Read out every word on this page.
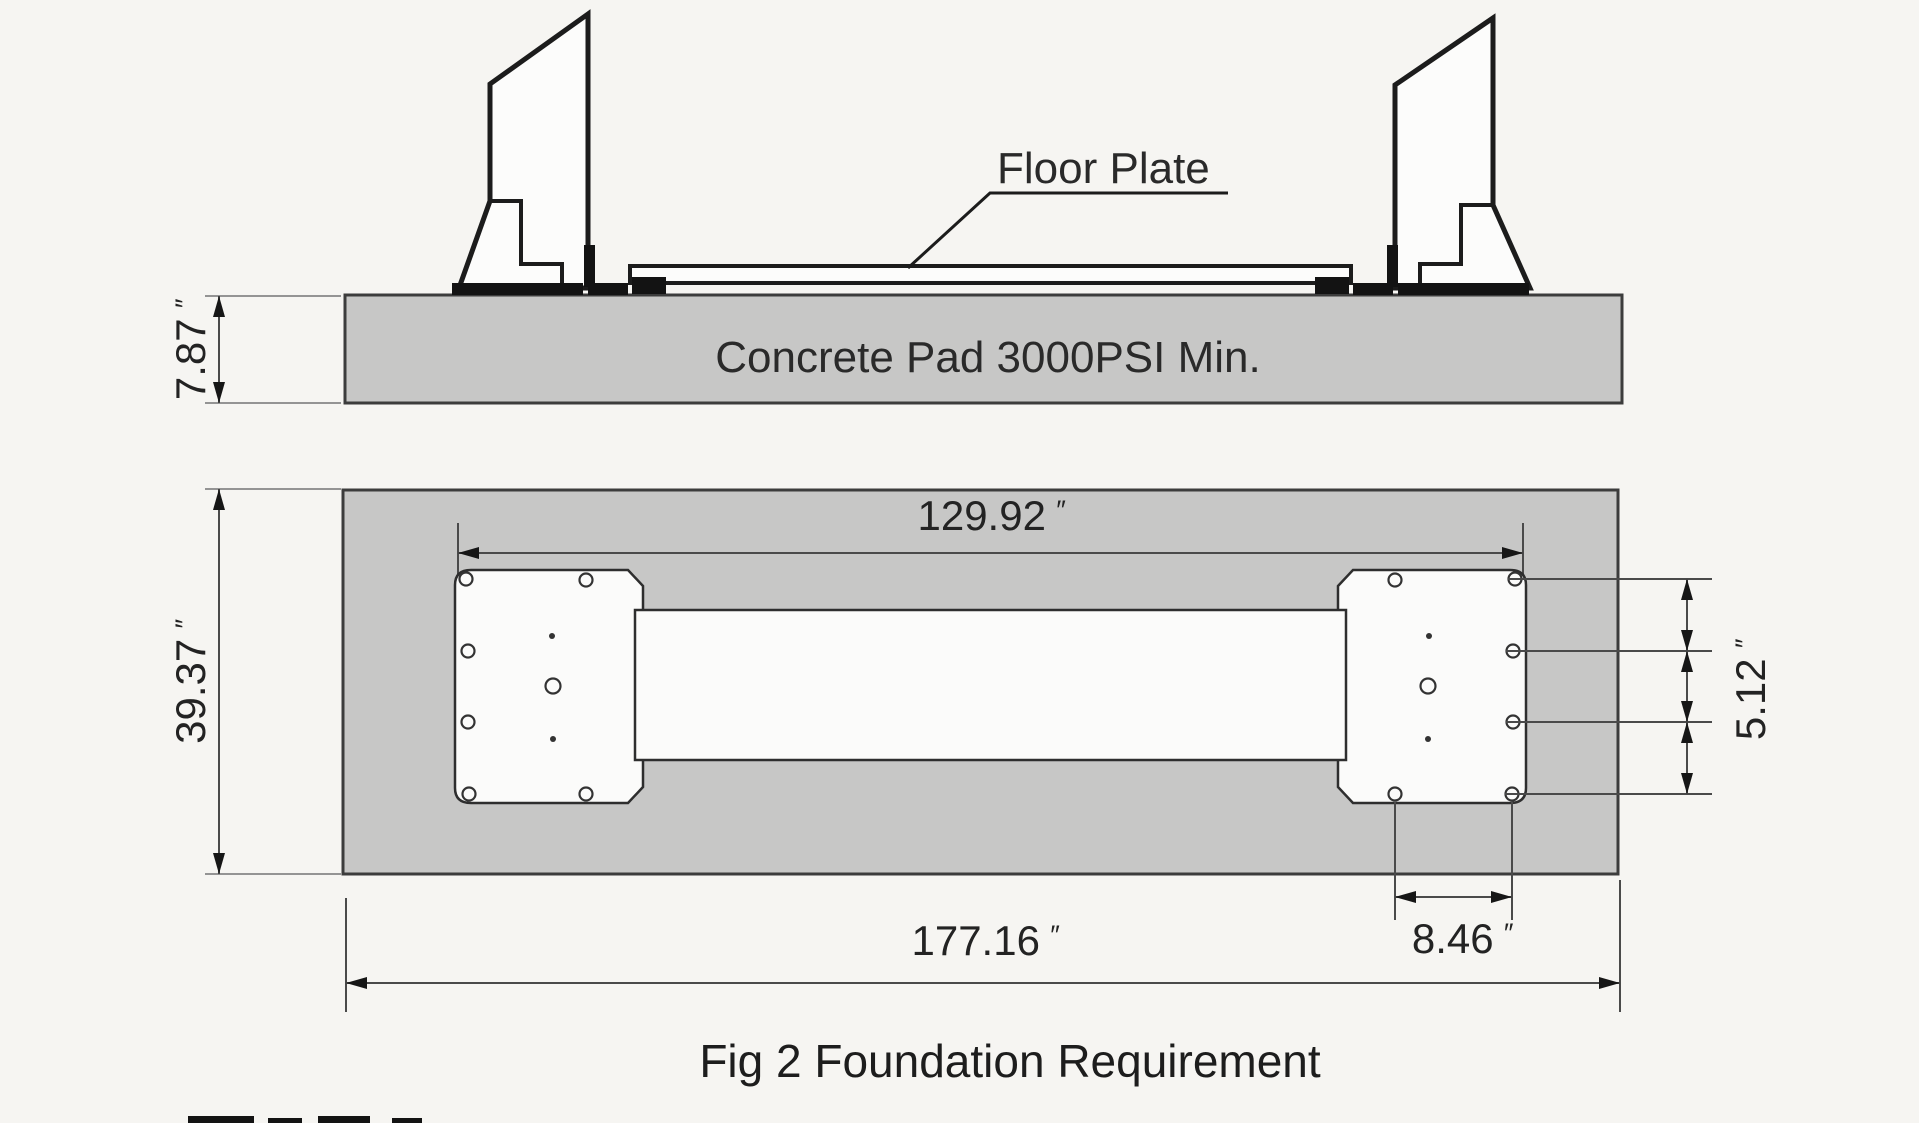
Concrete Pad 3000PSI Min.
Floor Plate
7.87″
129.92 ″
5.12″
8.46 ″
39.37″
177.16 ″
Fig 2 Foundation Requirement
